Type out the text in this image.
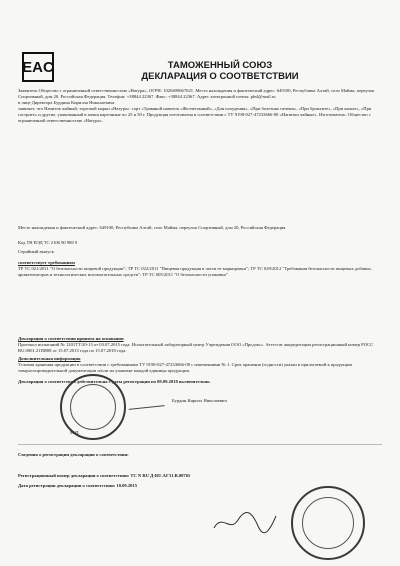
EAC	ТАМОЖЕННЫЙ СОЮЗ
ДЕКЛАРАЦИЯ О СООТВЕТСТВИИ
Заявитель Общество с ограниченной ответственностью «Натура», ОГРН: 1020400667021. Место нахождения и фактический адрес: 649100, Республика Алтай, село Майма, переулок Спортивный, дом 20. Российская Федерация. Телефон: +38844 22367. Факс: +38844 22367. Адрес электронной почты: phsl@mail.ru
в лице Директора Бурдина Кирилла Николаевича
заявляет, что Напиток чайный, торговой марки «Натура»: сорт «Травяной напиток «Желчегонный», «Для похудения», «При болезнях печени», «При бронхите», «При кашле», «При гастрите» и другие, упакованный в пачки картонные по 25 и 50 г. Продукция изготовлена в соответствии с ТУ 9198-027-47233666-08 «Напитки чайные». Изготовитель: Общество с ограниченной ответственностью «Натура».
Место нахождения и фактический адрес: 649100, Республика Алтай, село Майма, переулок Спортивный, дом 20, Российская Федерация
Код ТН ВЭД ТС 2106 90 980 9
Серийный выпуск
соответствует требованиям
ТР ТС 021/2011 "О безопасности пищевой продукции"; ТР ТС 022/2011 "Пищевая продукция в части ее маркировки"; ТР ТС 029/2012 "Требования безопасности пищевых добавок, ароматизаторов и технологических вспомогательных средств"; ТР ТС 005/2011 "О безопасности упаковки"
Декларация о соответствии принята на основании
Протокол испытаний № 1201ТТ/20-13 от 03.07.2015 года. Испытательный лабораторный центр Учреждения ООО «Продэкс». Аттестат аккредитации регистрационный номер РОСС RU.0001.21ПЯ08 от 15.07.2013 года по 15.07.2018 года.
Дополнительная информация
Условия хранения продукции в соответствии с требованиями ТУ 9198-027-47233666-08 с изменениями № 1. Срок хранения (годности) указан в прилагаемой к продукции товаросопроводительной документации и/или на упаковке каждой единицы продукции.
Декларация о соответствии действительна с даты регистрации по 09.09.2018 включительно.
Бурдин Кирилл Николаевич
М.П.
Сведения о регистрации декларации о соответствии:
Регистрационный номер декларации о соответствии: ТС N RU Д-RU.АГ31.В.00765
Дата регистрации декларации о соответствии: 10.09.2015
